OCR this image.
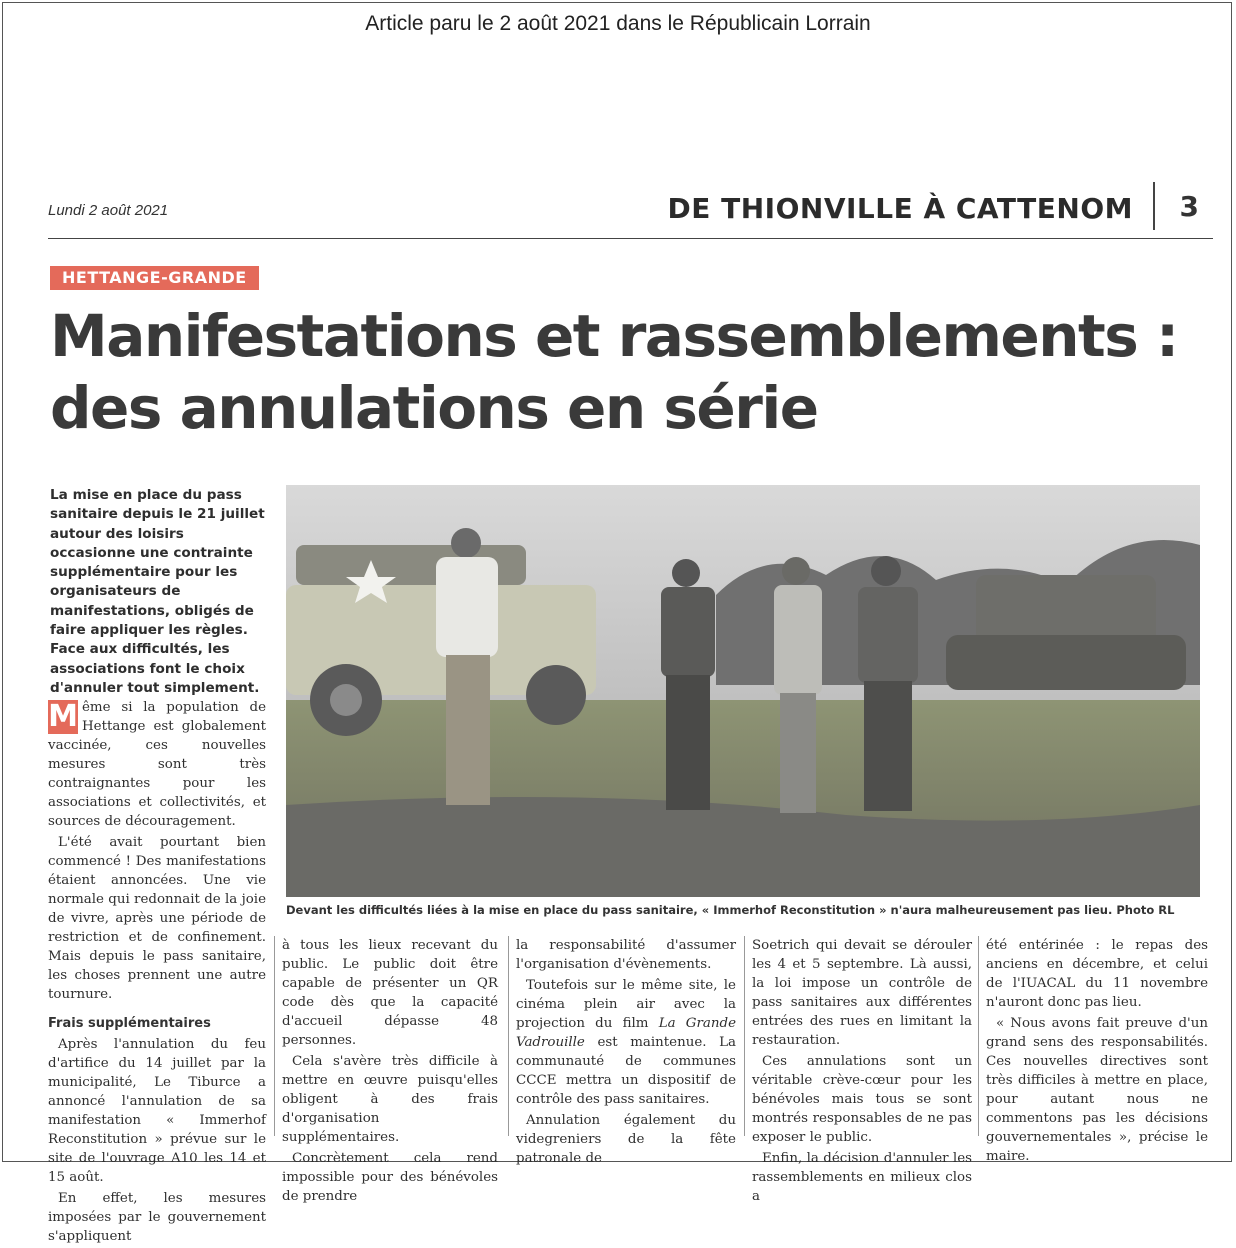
Article paru le 2 août 2021 dans le Républicain Lorrain
Lundi 2 août 2021	DE THIONVILLE À CATTENOM 3
HETTANGE-GRANDE
Manifestations et rassemblements : des annulations en série
La mise en place du pass sanitaire depuis le 21 juillet autour des loisirs occasionne une contrainte supplémentaire pour les organisateurs de manifestations, obligés de faire appliquer les règles. Face aux difficultés, les associations font le choix d'annuler tout simplement.
Devant les difficultés liées à la mise en place du pass sanitaire, « Immerhof Reconstitution » n'aura malheureusement pas lieu. Photo RL

M ême si la population de Hettange est globalement vaccinée, ces nouvelles mesures sont très contraignantes pour les associations et collectivités, et sources de découragement.

L'été avait pourtant bien commencé ! Des manifestations étaient annoncées. Une vie normale qui redonnait de la joie de vivre, après une période de restriction et de confinement. Mais depuis le pass sanitaire, les choses prennent une autre tournure.

Frais supplémentaires

Après l'annulation du feu d'artifice du 14 juillet par la municipalité, Le Tiburce a annoncé l'annulation de sa manifestation « Immerhof Reconstitution » prévue sur le site de l'ouvrage A10 les 14 et 15 août.

En effet, les mesures imposées par le gouvernement s'appliquent

à tous les lieux recevant du public. Le public doit être capable de présenter un QR code dès que la capacité d'accueil dépasse 48 personnes.

Cela s'avère très difficile à mettre en œuvre puisqu'elles obligent à des frais d'organisation supplémentaires.

Concrètement cela rend impossible pour des bénévoles de prendre

la responsabilité d'assumer l'organisation d'évènements.

Toutefois sur le même site, le cinéma plein air avec la projection du film La Grande Vadrouille est maintenue. La communauté de communes CCCE mettra un dispositif de contrôle des pass sanitaires.

Annulation également du videgreniers de la fête patronale de

Soetrich qui devait se dérouler les 4 et 5 septembre. Là aussi, la loi impose un contrôle de pass sanitaires aux différentes entrées des rues en limitant la restauration.

Ces annulations sont un véritable crève-cœur pour les bénévoles mais tous se sont montrés responsables de ne pas exposer le public.

Enfin, la décision d'annuler les rassemblements en milieux clos a

été entérinée : le repas des anciens en décembre, et celui de l'IUACAL du 11 novembre n'auront donc pas lieu.

« Nous avons fait preuve d'un grand sens des responsabilités. Ces nouvelles directives sont très difficiles à mettre en place, pour autant nous ne commentons pas les décisions gouvernementales », précise le maire.
